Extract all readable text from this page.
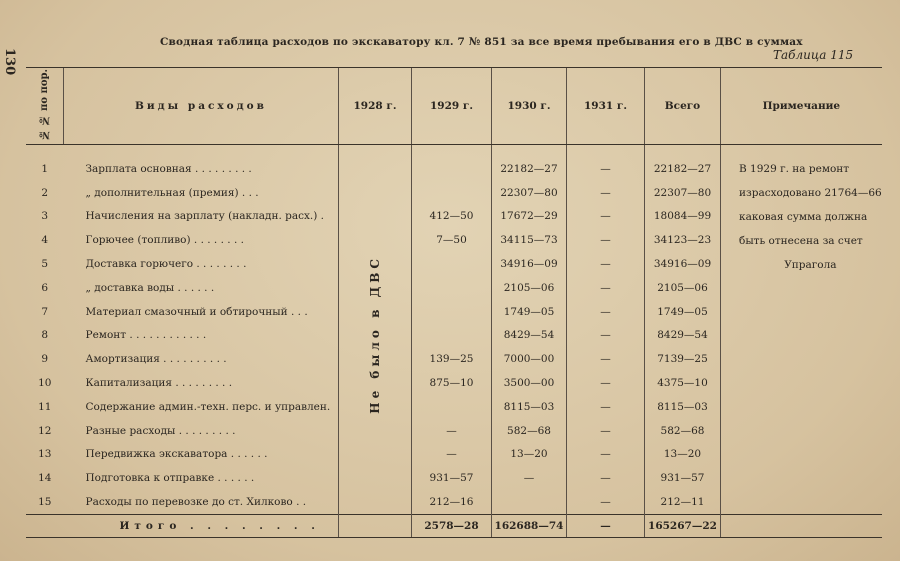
130
Сводная таблица расходов по экскаватору кл. 7 № 851 за все время пребывания его в ДВС в суммах
Таблица 115
№ № по пор.	Виды расходов	1928 г.	1929 г.	1930 г.	1931 г.	Всего	Примечание
1	Зарплата основная . . . . . . . . .	Не было в ДВС		22182—27	—	22182—27	В 1929 г. на ремонт
израсходовано 21764—66
каковая сумма должна
быть отнесена за счет
Упрагола

2	„ дополнительная (премия) . . .			22307—80	—	22307—80	
3	Начисления на зарплату (накладн. расх.) .		412—50	17672—29	—	18084—99	
4	Горючее (топливо) . . . . . . . .		7—50	34115—73	—	34123—23	
5	Доставка горючего . . . . . . . .			34916—09	—	34916—09	
6	„ доставка воды . . . . . .			2105—06	—	2105—06	
7	Материал смазочный и обтирочный . . .			1749—05	—	1749—05	
8	Ремонт . . . . . . . . . . . .			8429—54	—	8429—54	
9	Амортизация . . . . . . . . . .		139—25	7000—00	—	7139—25	
10	Капитализация . . . . . . . . .		875—10	3500—00	—	4375—10	
11	Содержание админ.-техн. перс. и управлен.			8115—03	—	8115—03	
12	Разные расходы . . . . . . . . .		—	582—68	—	582—68	
13	Передвижка экскаватора . . . . . .		—	13—20	—	13—20	
14	Подготовка к отправке . . . . . .		931—57	—	—	931—57	
15	Расходы по перевозке до ст. Хилково . .		212—16		—	212—11	
	Итого . . . . . . . .		2578—28	162688—74	—	165267—22	
